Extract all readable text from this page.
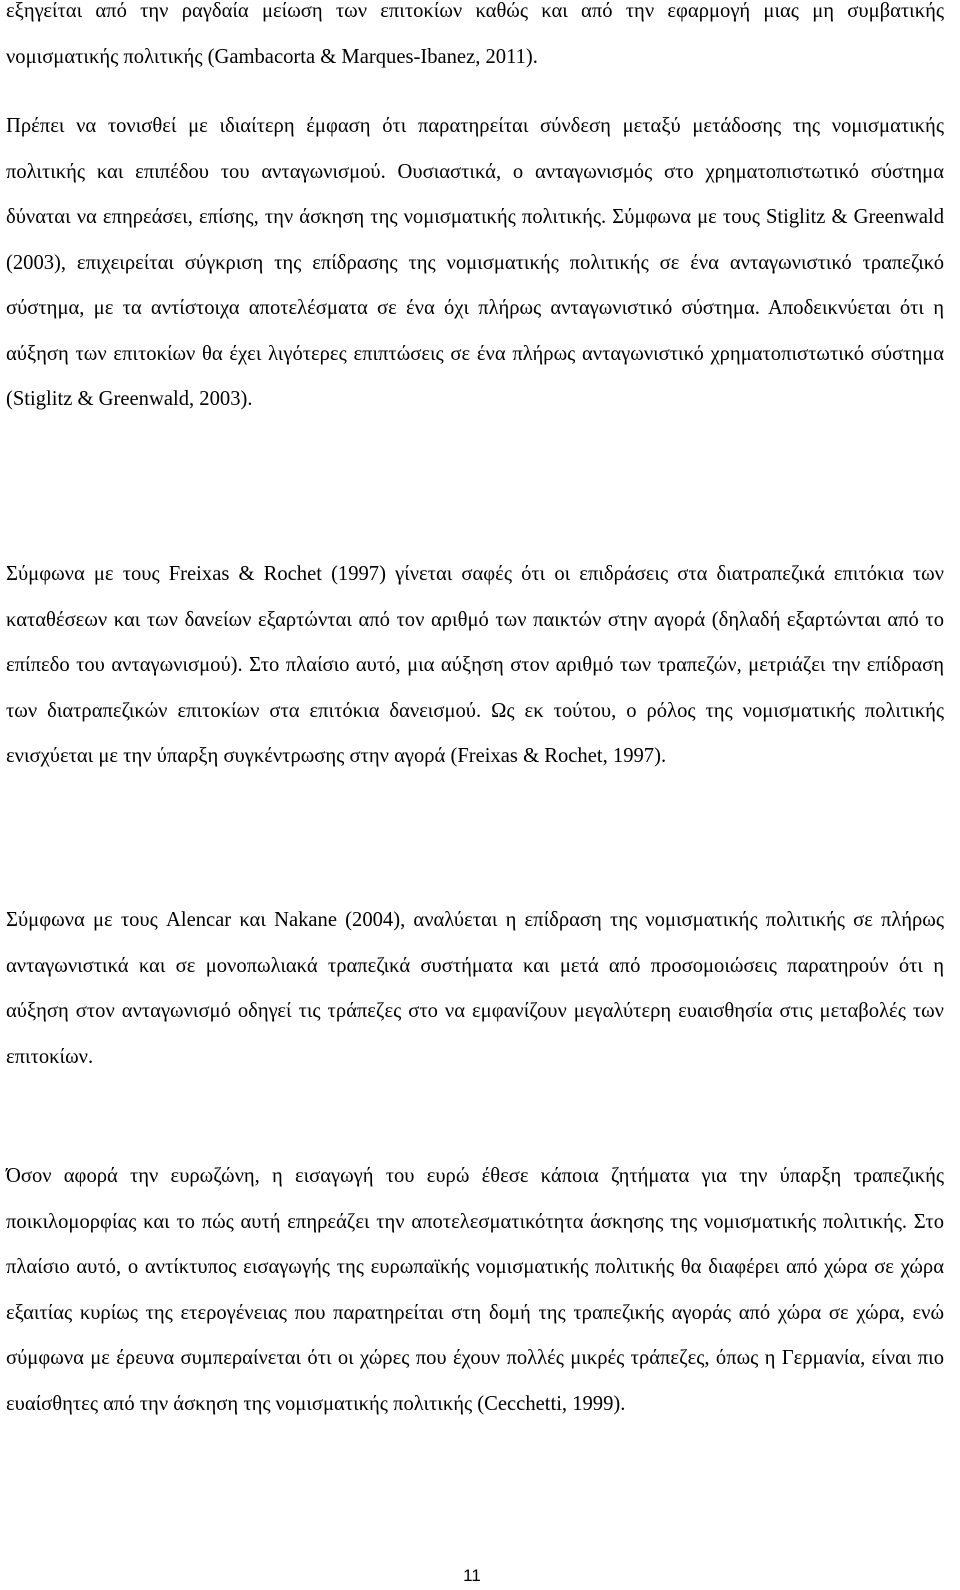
εξηγείται από την ραγδαία μείωση των επιτοκίων καθώς και από την εφαρμογή μιας μη συμβατικής νομισματικής πολιτικής (Gambacorta & Marques-Ibanez, 2011).

Πρέπει να τονισθεί με ιδιαίτερη έμφαση ότι παρατηρείται σύνδεση μεταξύ μετάδοσης της νομισματικής πολιτικής και επιπέδου του ανταγωνισμού. Ουσιαστικά, ο ανταγωνισμός στο χρηματοπιστωτικό σύστημα δύναται να επηρεάσει, επίσης, την άσκηση της νομισματικής πολιτικής. Σύμφωνα με τους Stiglitz & Greenwald (2003), επιχειρείται σύγκριση της επίδρασης της νομισματικής πολιτικής σε ένα ανταγωνιστικό τραπεζικό σύστημα, με τα αντίστοιχα αποτελέσματα σε ένα όχι πλήρως ανταγωνιστικό σύστημα. Αποδεικνύεται ότι η αύξηση των επιτοκίων θα έχει λιγότερες επιπτώσεις σε ένα πλήρως ανταγωνιστικό χρηματοπιστωτικό σύστημα (Stiglitz & Greenwald, 2003).

Σύμφωνα με τους Freixas & Rochet (1997) γίνεται σαφές ότι οι επιδράσεις στα διατραπεζικά επιτόκια των καταθέσεων και των δανείων εξαρτώνται από τον αριθμό των παικτών στην αγορά (δηλαδή εξαρτώνται από το επίπεδο του ανταγωνισμού). Στο πλαίσιο αυτό, μια αύξηση στον αριθμό των τραπεζών, μετριάζει την επίδραση των διατραπεζικών επιτοκίων στα επιτόκια δανεισμού. Ως εκ τούτου, ο ρόλος της νομισματικής πολιτικής ενισχύεται με την ύπαρξη συγκέντρωσης στην αγορά (Freixas & Rochet, 1997).

Σύμφωνα με τους Alencar και Nakane (2004), αναλύεται η επίδραση της νομισματικής πολιτικής σε πλήρως ανταγωνιστικά και σε μονοπωλιακά τραπεζικά συστήματα και μετά από προσομοιώσεις παρατηρούν ότι η αύξηση στον ανταγωνισμό οδηγεί τις τράπεζες στο να εμφανίζουν μεγαλύτερη ευαισθησία στις μεταβολές των επιτοκίων.

Όσον αφορά την ευρωζώνη, η εισαγωγή του ευρώ έθεσε κάποια ζητήματα για την ύπαρξη τραπεζικής ποικιλομορφίας και το πώς αυτή επηρεάζει την αποτελεσματικότητα άσκησης της νομισματικής πολιτικής. Στο πλαίσιο αυτό, ο αντίκτυπος εισαγωγής της ευρωπαϊκής νομισματικής πολιτικής θα διαφέρει από χώρα σε χώρα εξαιτίας κυρίως της ετερογένειας που παρατηρείται στη δομή της τραπεζικής αγοράς από χώρα σε χώρα, ενώ σύμφωνα με έρευνα συμπεραίνεται ότι οι χώρες που έχουν πολλές μικρές τράπεζες, όπως η Γερμανία, είναι πιο ευαίσθητες από την άσκηση της νομισματικής πολιτικής (Cecchetti, 1999).

11
